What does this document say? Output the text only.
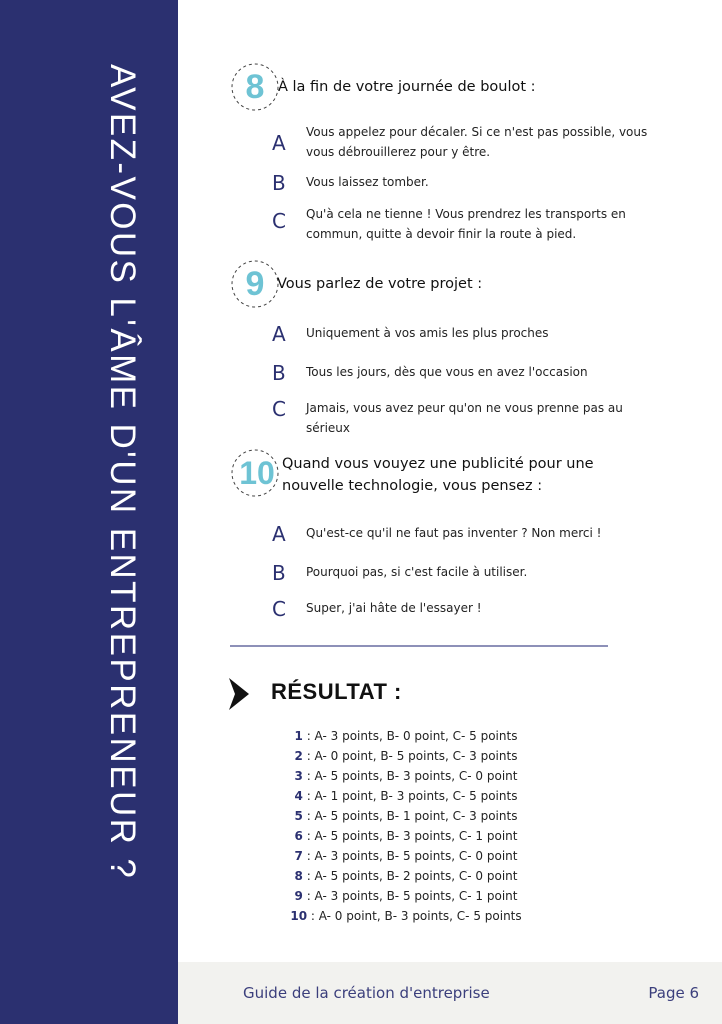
AVEZ-VOUS L'ÂME D'UN ENTREPRENEUR ?	8 À la fin de votre journée de boulot :
A	Vous appelez pour décaler. Si ce n'est pas possible, vous vous débrouillerez pour y être.
B	Vous laissez tomber.
C	Qu'à cela ne tienne ! Vous prendrez les transports en commun, quitte à devoir finir la route à pied.
9 Vous parlez de votre projet :
A	Uniquement à vos amis les plus proches
B	Tous les jours, dès que vous en avez l'occasion
C	Jamais, vous avez peur qu'on ne vous prenne pas au sérieux
10 Quand vous vouyez une publicité pour une nouvelle technologie, vous pensez :
A	Qu'est-ce qu'il ne faut pas inventer ? Non merci !
B	Pourquoi pas, si c'est facile à utiliser.
C	Super, j'ai hâte de l'essayer !
RÉSULTAT :
1 : A- 3 points, B- 0 point, C- 5 points
2 : A- 0 point, B- 5 points, C- 3 points
3 : A- 5 points, B- 3 points, C- 0 point
4 : A- 1 point, B- 3 points, C- 5 points
5 : A- 5 points, B- 1 point, C- 3 points
6 : A- 5 points, B- 3 points, C- 1 point
7 : A- 3 points, B- 5 points, C- 0 point
8 : A- 5 points, B- 2 points, C- 0 point
9 : A- 3 points, B- 5 points, C- 1 point
10 : A- 0 point, B- 3 points, C- 5 points
Guide de la création d'entreprise	Page 6
